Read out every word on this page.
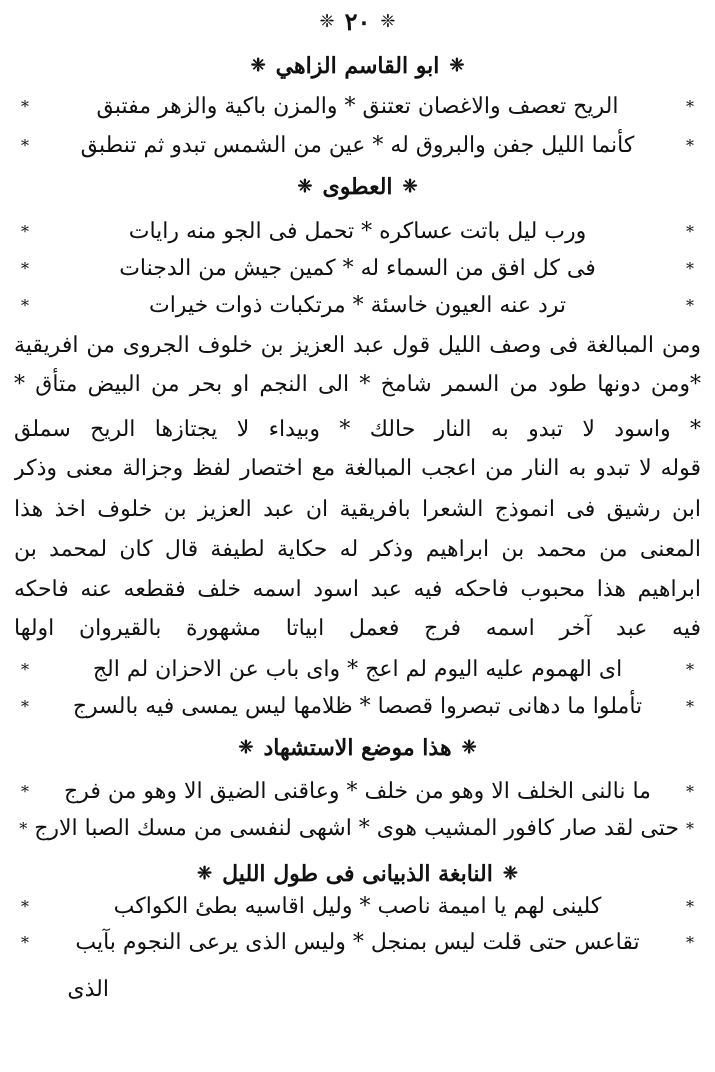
❈
٢٠
❈
❈
ابو القاسم الزاهي
❈
*
الريح تعصف والاغصان تعتنق * والمزن باكية والزهر مفتبق
*
*
كأنما الليل جفن والبروق له * عين من الشمس تبدو ثم تنطبق
*
❈
العطوى
❈
*
ورب ليل باتت عساكره * تحمل فى الجو منه رايات
*
*
فى كل افق من السماء له * كمين جيش من الدجنات
*
*
ترد عنه العيون خاسئة * مرتكبات ذوات خيرات
*
ومن المبالغة فى وصف الليل قول عبد العزيز بن خلوف الجروى من افريقية
*ومن دونها طود من السمر شامخ * الى النجم او بحر من البيض متأق *
* واسود لا تبدو به النار حالك * وبيداء لا يجتازها الريح سملق
قوله لا تبدو به النار من اعجب المبالغة مع اختصار لفظ وجزالة معنى وذكر
ابن رشيق فى انموذج الشعرا بافريقية ان عبد العزيز بن خلوف اخذ هذا
المعنى من محمد بن ابراهيم وذكر له حكاية لطيفة قال كان لمحمد بن
ابراهيم هذا محبوب فاحكه فيه عبد اسود اسمه خلف فقطعه عنه فاحكه
فيه عبد آخر اسمه فرج فعمل ابياتا مشهورة بالقيروان اولها
*
اى الهموم عليه اليوم لم اعج * واى باب عن الاحزان لم الج
*
*
تأملوا ما دهانى تبصروا قصصا * ظلامها ليس يمسى فيه بالسرج
*
❈
هذا موضع الاستشهاد
❈
*
ما نالنى الخلف الا وهو من خلف * وعاقنى الضيق الا وهو من فرج
*
*
حتى لقد صار كافور المشيب هوى * اشهى لنفسى من مسك الصبا الارج
*
❈
النابغة الذبيانى فى طول الليل
❈
*
كلينى لهم يا اميمة ناصب * وليل اقاسيه بطئ الكواكب
*
*
تقاعس حتى قلت ليس بمنجل * وليس الذى يرعى النجوم بآيب
*
الذى
